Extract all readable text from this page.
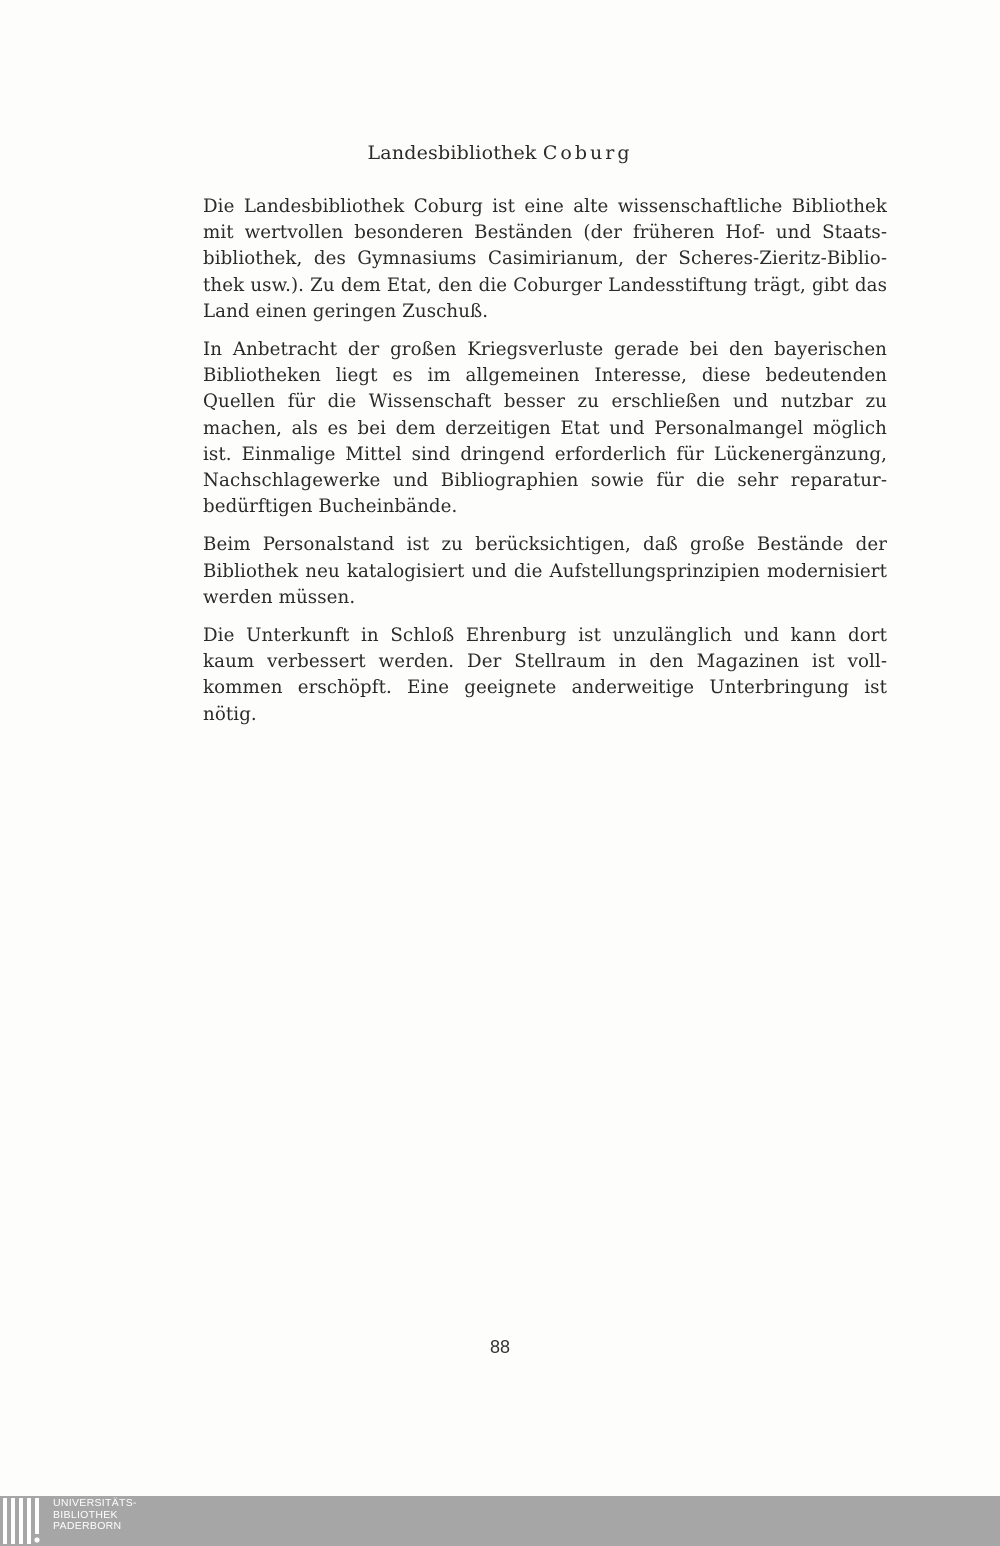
Landesbibliothek Coburg

Die Landesbibliothek Coburg ist eine alte wissenschaftliche Bibliothek mit wertvollen besonderen Beständen (der früheren Hof- und Staatsbibliothek, des Gymnasiums Casimirianum, der Scheres-Zieritz-Bibliothek usw.). Zu dem Etat, den die Coburger Landesstiftung trägt, gibt das Land einen geringen Zuschuß.

In Anbetracht der großen Kriegsverluste gerade bei den bayerischen Bibliotheken liegt es im allgemeinen Interesse, diese bedeutenden Quellen für die Wissenschaft besser zu erschließen und nutzbar zu machen, als es bei dem derzeitigen Etat und Personalmangel möglich ist. Einmalige Mittel sind dringend erforderlich für Lückenergänzung, Nachschlagewerke und Bibliographien sowie für die sehr reparaturbedürftigen Bucheinbände.

Beim Personalstand ist zu berücksichtigen, daß große Bestände der Bibliothek neu katalogisiert und die Aufstellungsprinzipien modernisiert werden müssen.

Die Unterkunft in Schloß Ehrenburg ist unzulänglich und kann dort kaum verbessert werden. Der Stellraum in den Magazinen ist vollkommen erschöpft. Eine geeignete anderweitige Unterbringung ist nötig.

88
UNIVERSITÄTS-
BIBLIOTHEK
PADERBORN
